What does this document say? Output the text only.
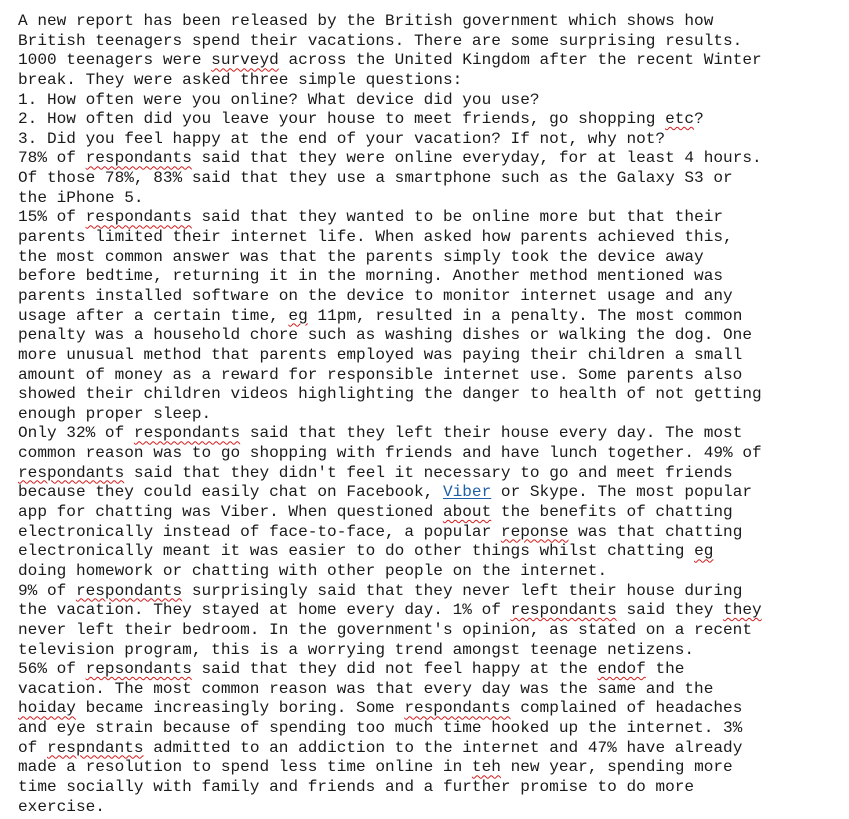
A new report has been released by the British government which shows how
British teenagers spend their vacations. There are some surprising results.
1000 teenagers were surveyd across the United Kingdom after the recent Winter
break. They were asked three simple questions:
1. How often were you online? What device did you use?
2. How often did you leave your house to meet friends, go shopping etc?
3. Did you feel happy at the end of your vacation? If not, why not?
78% of respondants said that they were online everyday, for at least 4 hours.
Of those 78%, 83% said that they use a smartphone such as the Galaxy S3 or
the iPhone 5.
15% of respondants said that they wanted to be online more but that their
parents limited their internet life. When asked how parents achieved this,
the most common answer was that the parents simply took the device away
before bedtime, returning it in the morning. Another method mentioned was
parents installed software on the device to monitor internet usage and any
usage after a certain time, eg 11pm, resulted in a penalty. The most common
penalty was a household chore such as washing dishes or walking the dog. One
more unusual method that parents employed was paying their children a small
amount of money as a reward for responsible internet use. Some parents also
showed their children videos highlighting the danger to health of not getting
enough proper sleep.
Only 32% of respondants said that they left their house every day. The most
common reason was to go shopping with friends and have lunch together. 49% of
respondants said that they didn't feel it necessary to go and meet friends
because they could easily chat on Facebook, Viber or Skype. The most popular
app for chatting was Viber. When questioned about the benefits of chatting
electronically instead of face-to-face, a popular reponse was that chatting
electronically meant it was easier to do other things whilst chatting eg
doing homework or chatting with other people on the internet.
9% of respondants surprisingly said that they never left their house during
the vacation. They stayed at home every day. 1% of respondants said they they
never left their bedroom. In the government's opinion, as stated on a recent
television program, this is a worrying trend amongst teenage netizens.
56% of repsondants said that they did not feel happy at the endof the
vacation. The most common reason was that every day was the same and the
hoiday became increasingly boring. Some respondants complained of headaches
and eye strain because of spending too much time hooked up the internet. 3%
of respndants admitted to an addiction to the internet and 47% have already
made a resolution to spend less time online in teh new year, spending more
time socially with family and friends and a further promise to do more
exercise.
